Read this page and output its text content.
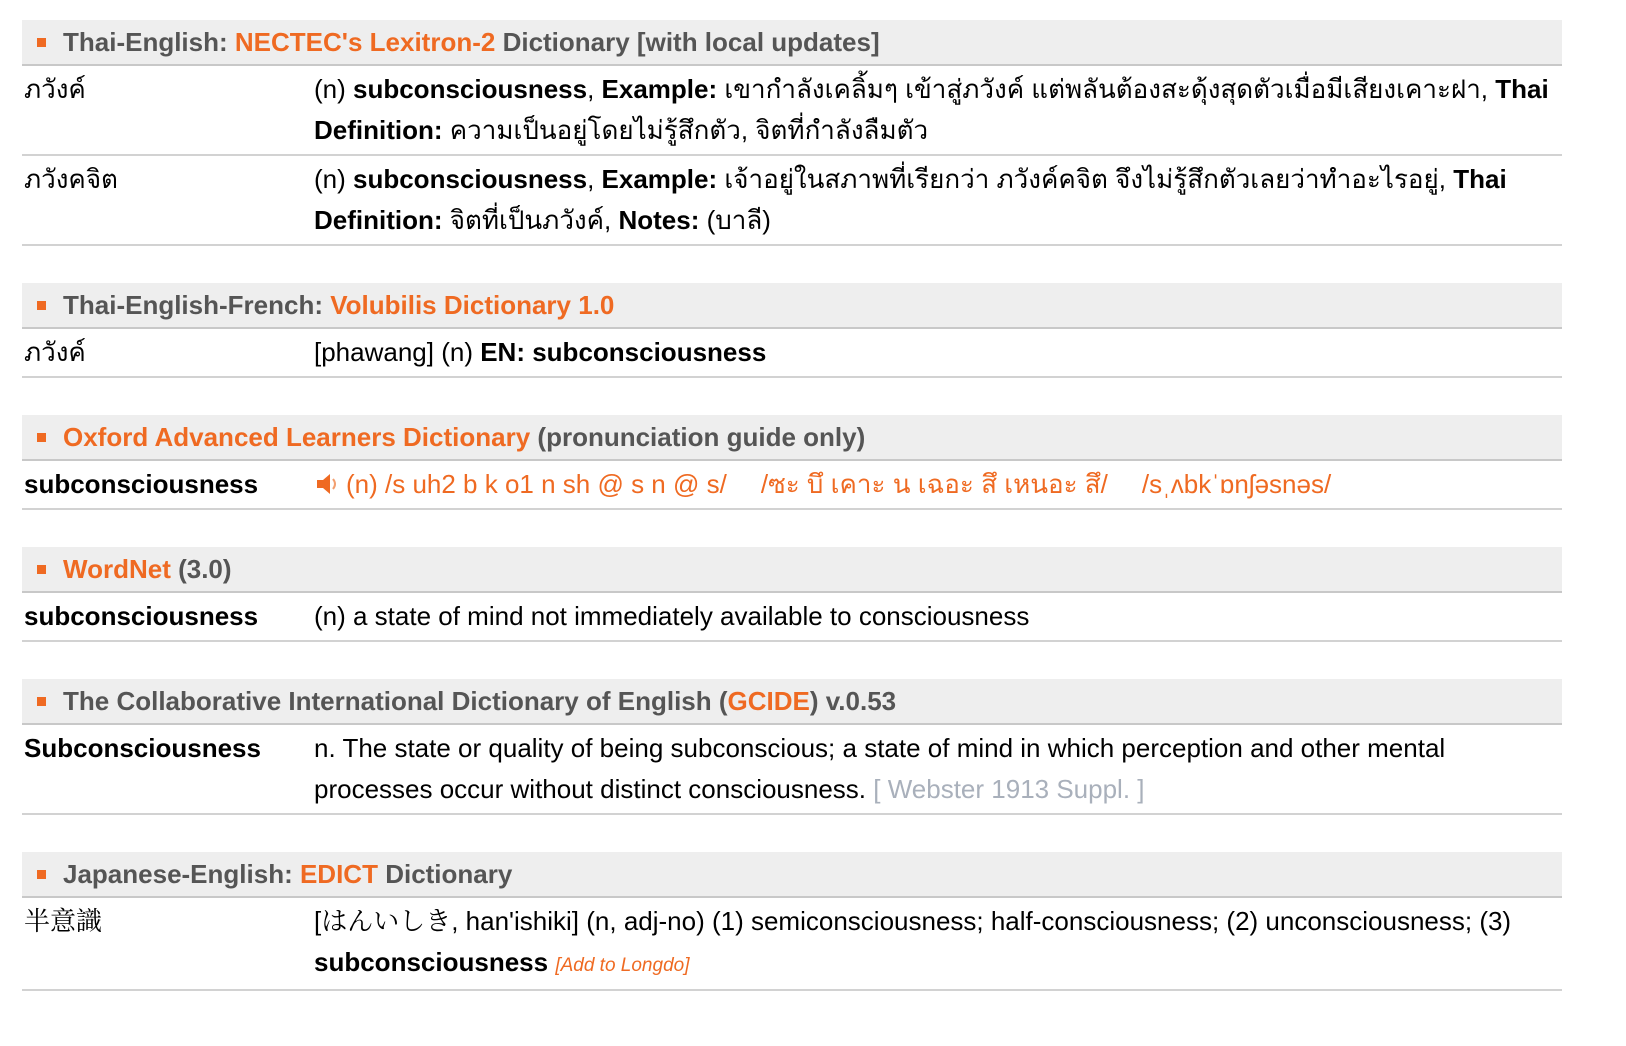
Thai-English: NECTEC's Lexitron-2 Dictionary [with local updates]
ภวังค์	(n) subconsciousness, Example: เขากำลังเคลิ้มๆ เข้าสู่ภวังค์ แต่พลันต้องสะดุ้งสุดตัวเมื่อมีเสียงเคาะฝา, Thai Definition: ความเป็นอยู่โดยไม่รู้สึกตัว, จิตที่กำลังลืมตัว
ภวังคจิต	(n) subconsciousness, Example: เจ้าอยู่ในสภาพที่เรียกว่า ภวังค์คจิต จึงไม่รู้สึกตัวเลยว่าทำอะไรอยู่, Thai Definition: จิตที่เป็นภวังค์, Notes: (บาลี)
Thai-English-French: Volubilis Dictionary 1.0
ภวังค์	[phawang] (n) EN: subconsciousness
Oxford Advanced Learners Dictionary (pronunciation guide only)
subconsciousness	(n) /s uh2 b k o1 n sh @ s n @ s/ /ซะ บึ เคาะ น เฉอะ สึ เหนอะ สึ/ /sˌʌbkˈɒnʃəsnəs/
WordNet (3.0)
subconsciousness	(n) a state of mind not immediately available to consciousness
The Collaborative International Dictionary of English (GCIDE) v.0.53
Subconsciousness	n. The state or quality of being subconscious; a state of mind in which perception and other mental processes occur without distinct consciousness. [ Webster 1913 Suppl. ]
Japanese-English: EDICT Dictionary
半意識	[はんいしき, han'ishiki] (n, adj-no) (1) semiconsciousness; half-consciousness; (2) unconsciousness; (3) subconsciousness [Add to Longdo]
